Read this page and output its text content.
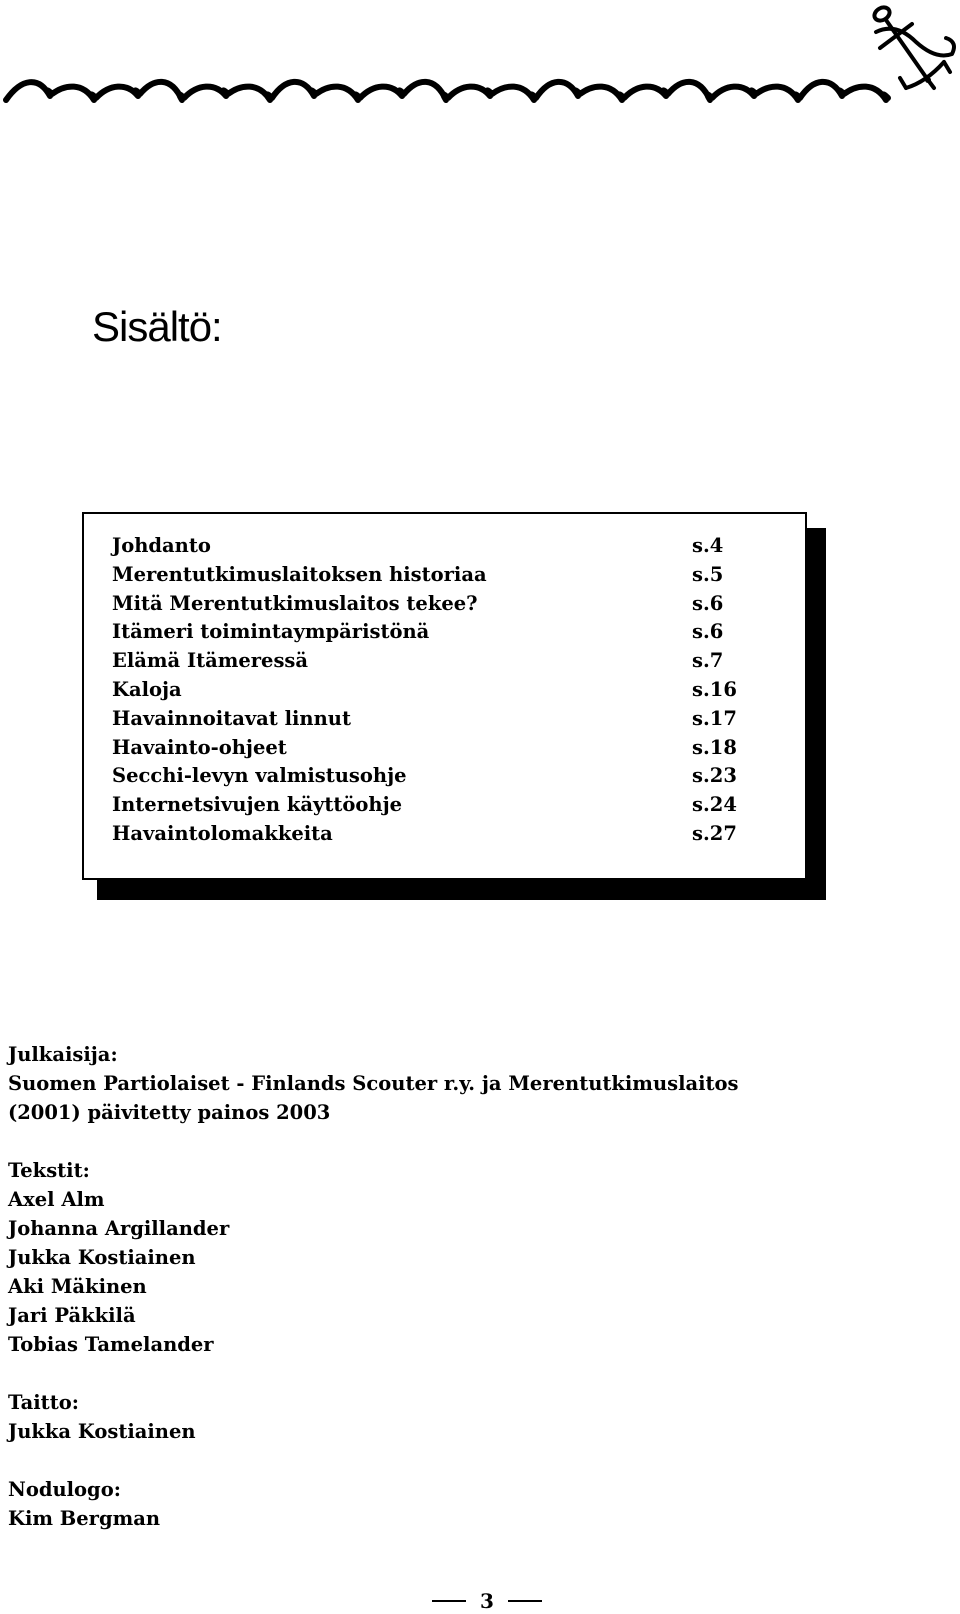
Sisältö:
Johdanto	s.4
Merentutkimuslaitoksen historiaa	s.5
Mitä Merentutkimuslaitos tekee?	s.6
Itämeri toimintaympäristönä	s.6
Elämä Itämeressä	s.7
Kaloja	s.16
Havainnoitavat linnut	s.17
Havainto-ohjeet	s.18
Secchi-levyn valmistusohje	s.23
Internetsivujen käyttöohje	s.24
Havaintolomakkeita	s.27
Julkaisija:
Suomen Partiolaiset - Finlands Scouter r.y. ja Merentutkimuslaitos
(2001) päivitetty painos 2003
Tekstit:
Axel Alm
Johanna Argillander
Jukka Kostiainen
Aki Mäkinen
Jari Päkkilä
Tobias Tamelander
Taitto:
Jukka Kostiainen
Nodulogo:
Kim Bergman
3
